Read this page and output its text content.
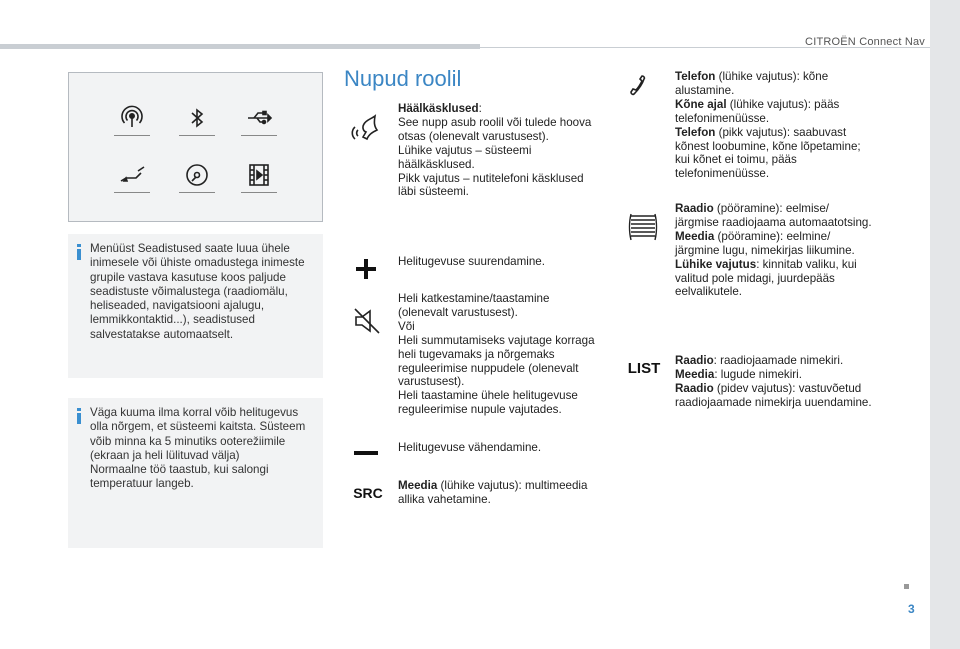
CITROËN Connect Nav
Menüüst Seadistused saate luua ühele inimesele või ühiste omadustega inimeste grupile vastava kasutuse koos paljude seadistuste võimalustega (raadiomälu, heliseaded, navigatsiooni ajalugu, lemmikkontaktid...), seadistused salvestatakse automaatselt.
Väga kuuma ilma korral võib helitugevus olla nõrgem, et süsteemi kaitsta. Süsteem võib minna ka 5 minutiks ooterežiimile (ekraan ja heli lülituvad välja)
Normaalne töö taastub, kui salongi temperatuur langeb.
Nupud roolil
Häälkäsklused:
See nupp asub roolil või tulede hoova otsas (olenevalt varustusest).
Lühike vajutus – süsteemi häälkäsklused.
Pikk vajutus – nutitelefoni käsklused läbi süsteemi.
Helitugevuse suurendamine.
Heli katkestamine/taastamine (olenevalt varustusest).
Või
Heli summutamiseks vajutage korraga heli tugevamaks ja nõrgemaks reguleerimise nuppudele (olenevalt varustusest).
Heli taastamine ühele helitugevuse reguleerimise nupule vajutades.
Helitugevuse vähendamine.
SRC	Meedia (lühike vajutus): multimeedia allika vahetamine.
Telefon (lühike vajutus): kõne alustamine.
Kõne ajal (lühike vajutus): pääs telefonimenüüsse.
Telefon (pikk vajutus): saabuvast kõnest loobumine, kõne lõpetamine; kui kõnet ei toimu, pääs telefonimenüüsse.
Raadio (pööramine): eelmise/ järgmise raadiojaama automaatotsing.
Meedia (pööramine): eelmine/ järgmine lugu, nimekirjas liikumine.
Lühike vajutus: kinnitab valiku, kui valitud pole midagi, juurdepääs eelvalikutele.
LIST	Raadio: raadiojaamade nimekiri.
Meedia: lugude nimekiri.
Raadio (pidev vajutus): vastuvõetud raadiojaamade nimekirja uuendamine.
3
